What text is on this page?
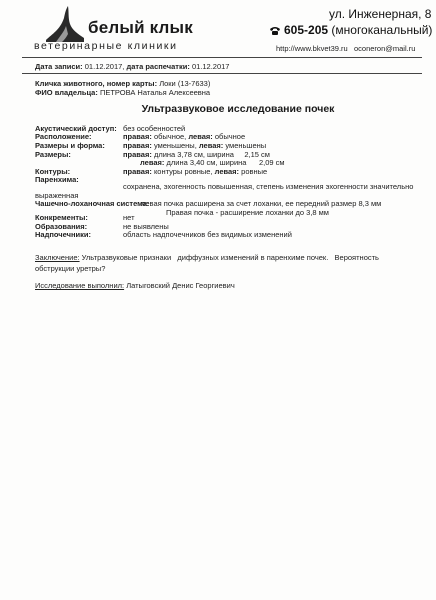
белый клык
ветеринарные клиники
ул. Инженерная, 8
605-205 (многоканальный)
http://www.bkvet39.ru oconeron@mail.ru
Дата записи: 01.12.2017, дата распечатки: 01.12.2017
Кличка животного, номер карты: Локи (13-7633)
ФИО владельца: ПЕТРОВА Наталья Алексеевна
Ультразвуковое исследование почек
Акустический доступ: без особенностей
Расположение:	правая: обычное, левая: обычное
Размеры и форма: правая: уменьшены, левая: уменьшены
Размеры:	правая: длина 3,78 см, ширина     2,15 см
левая: длина 3,40 см, ширина      2,09 см
Контуры:	правая: контуры ровные, левая: ровные
Паренхима:
сохранена, эхогенность повышенная, степень изменения эхогенности значительно
выраженная
Чашечно-лоханочная система:
левая почка расширена за счет лоханки, ее передний размер 8,3 мм
Правая почка - расширение лоханки до 3,8 мм
Конкременты:	нет
Образования:	не выявлены
Надпочечники:	область надпочечников без видимых изменений
Заключение: Ультразвуковые признаки   диффузных изменений в паренхиме почек.   Вероятность   обструкции уретры?
Исследование выполнил: Латыговский Денис Георгиевич
